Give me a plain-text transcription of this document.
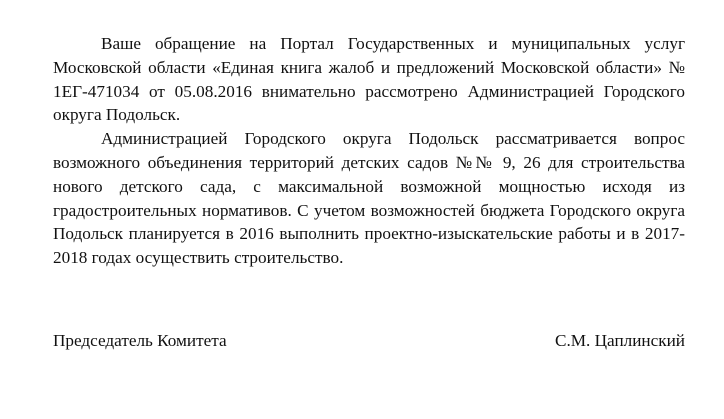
Ваше обращение на Портал Государственных и муниципальных услуг Московской области «Единая книга жалоб и предложений Московской области» № 1ЕГ-471034 от 05.08.2016 внимательно рассмотрено Администрацией Городского округа Подольск.

Администрацией Городского округа Подольск рассматривается вопрос возможного объединения территорий детских садов №№ 9, 26 для строительства нового детского сада, с максимальной возможной мощностью исходя из градостроительных нормативов. С учетом возможностей бюджета Городского округа Подольск планируется в 2016 выполнить проектно-изыскательские работы и в 2017-2018 годах осуществить строительство.

Председатель Комитета	С.М. Цаплинский
